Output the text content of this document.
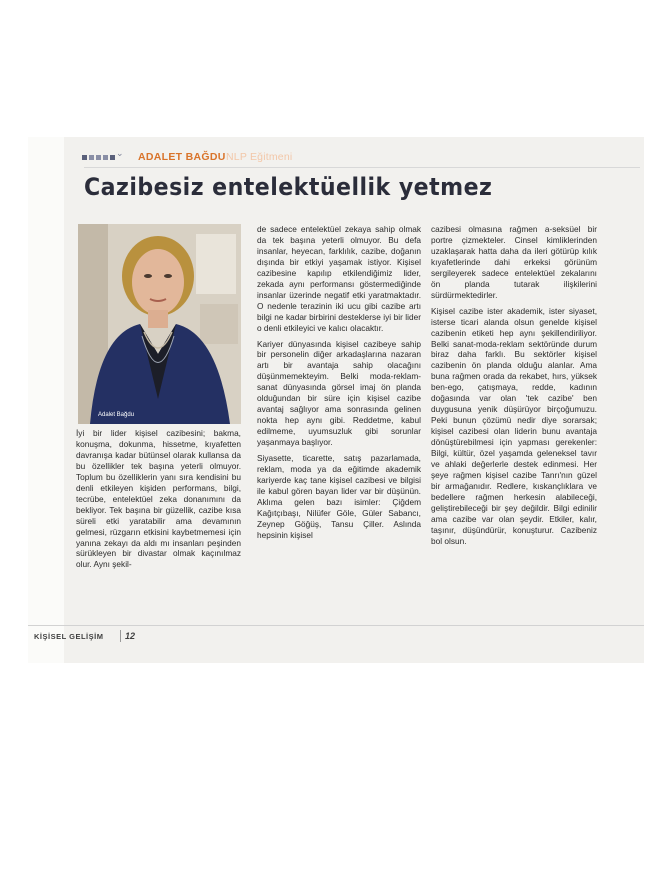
⌄ ADALET BAĞDU NLP Eğitmeni
Cazibesiz entelektüellik yetmez
Adalet Bağdu

İyi bir lider kişisel cazibesini; bakma, konuşma, dokunma, hissetme, kıyafetten davranışa kadar bütünsel olarak kullansa da bu özellikler tek başına yeterli olmuyor. Toplum bu özelliklerin yanı sıra kendisini bu denli etkileyen kişiden performans, bilgi, tecrübe, entelektüel zeka donanımını da bekliyor. Tek başına bir güzellik, cazibe kısa süreli etki yaratabilir ama devamının gelmesi, rüzgarın etkisini kaybetmemesi için yanına zekayı da aldı mı insanları peşinden sürükleyen bir divastar olmak kaçınılmaz olur. Aynı şekil-

de sadece entelektüel zekaya sahip olmak da tek başına yeterli olmuyor. Bu defa insanlar, heyecan, farklılık, cazibe, doğanın dışında bir etkiyi yaşamak istiyor. Kişisel cazibesine kapılıp etkilendiğimiz lider, zekada aynı performansı göstermediğinde insanlar üzerinde negatif etki yaratmaktadır. O nedenle terazinin iki ucu gibi cazibe artı bilgi ne kadar birbirini desteklerse iyi bir lider o denli etkileyici ve kalıcı olacaktır.

Kariyer dünyasında kişisel cazibeye sahip bir personelin diğer arkadaşlarına nazaran artı bir avantaja sahip olacağını düşünmemekteyim. Belki moda-reklam-sanat dünyasında görsel imaj ön planda olduğundan bir süre için kişisel cazibe avantaj sağlıyor ama sonrasında gelinen nokta hep aynı gibi. Reddetme, kabul edilmeme, uyumsuzluk gibi sorunlar yaşanmaya başlıyor.

Siyasette, ticarette, satış pazarlamada, reklam, moda ya da eğitimde akademik kariyerde kaç tane kişisel cazibesi ve bilgisi ile kabul gören bayan lider var bir düşünün. Aklıma gelen bazı isimler: Çiğdem Kağıtçıbaşı, Nilüfer Göle, Güler Sabancı, Zeynep Göğüş, Tansu Çiller. Aslında hepsinin kişisel

cazibesi olmasına rağmen a-seksüel bir portre çizmekteler. Cinsel kimliklerinden uzaklaşarak hatta daha da ileri götürüp kılık kıyafetlerinde dahi erkeksi görünüm sergileyerek sadece entelektüel zekalarını ön planda tutarak ilişkilerini sürdürmektedirler.

Kişisel cazibe ister akademik, ister siyaset, isterse ticari alanda olsun genelde kişisel cazibenin etiketi hep aynı şekillendiriliyor. Belki sanat-moda-reklam sektöründe durum biraz daha farklı. Bu sektörler kişisel cazibenin ön planda olduğu alanlar. Ama buna rağmen orada da rekabet, hırs, yüksek ben-ego, çatışmaya, redde, kadının doğasında var olan 'tek cazibe' ben duygusuna yenik düşürüyor birçoğumuzu. Peki bunun çözümü nedir diye sorarsak; kişisel cazibesi olan liderin bunu avantaja dönüştürebilmesi için yapması gerekenler: Bilgi, kültür, özel yaşamda geleneksel tavır ve ahlaki değerlerle destek edinmesi. Her şeye rağmen kişisel cazibe Tanrı'nın güzel bir armağanıdır. Redlere, kıskançlıklara ve bedellere rağmen herkesin alabileceği, geliştirebileceği bir şey değildir. Bilgi edinilir ama cazibe var olan şeydir. Etkiler, kalır, taşınır, düşündürür, konuşturur. Cazibeniz bol olsun.

KİŞİSEL GELİŞİM 12
